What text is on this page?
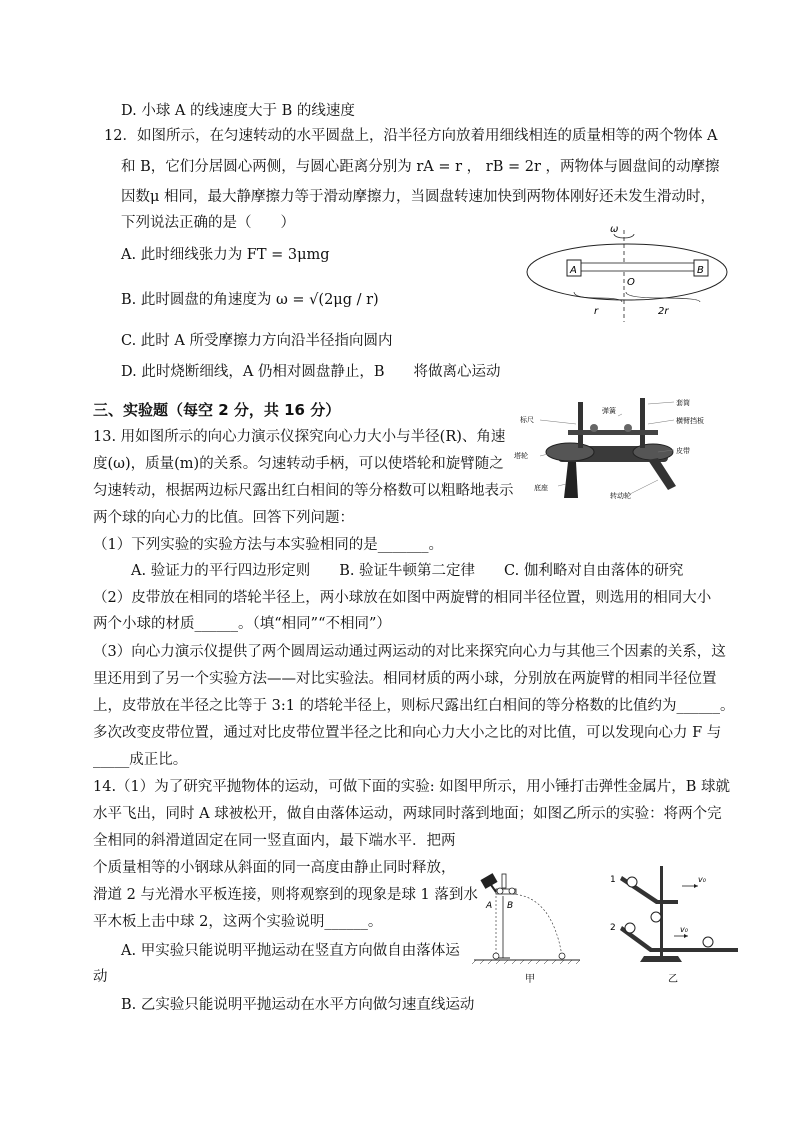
D. 小球 A 的线速度大于 B 的线速度
12．如图所示，在匀速转动的水平圆盘上，沿半径方向放着用细线相连的质量相等的两个物体 A
和 B，它们分居圆心两侧，与圆心距离分别为 rA = r ， rB = 2r ，两物体与圆盘间的动摩擦
因数μ 相同，最大静摩擦力等于滑动摩擦力，当圆盘转速加快到两物体刚好还未发生滑动时，
下列说法正确的是（　　）
A. 此时细线张力为 FT = 3μmg
B. 此时圆盘的角速度为 ω = √(2μg / r)
C. 此时 A 所受摩擦力方向沿半径指向圆内
D. 此时烧断细线，A 仍相对圆盘静止，B　　将做离心运动
ω
A
O
B
r	2r
三、实验题（每空 2 分，共 16 分）
13. 用如图所示的向心力演示仪探究向心力大小与半径(R)、角速
度(ω)，质量(m)的关系。匀速转动手柄，可以使塔轮和旋臂随之
匀速转动，根据两边标尺露出红白相间的等分格数可以粗略地表示
两个球的向心力的比值。回答下列问题：
（1）下列实验的实验方法与本实验相同的是_______。
A. 验证力的平行四边形定则　　B. 验证牛顿第二定律　　C. 伽利略对自由落体的研究
（2）皮带放在相同的塔轮半径上，两小球放在如图中两旋臂的相同半径位置，则选用的相同大小
两个小球的材质______。（填“相同”“不相同”）
（3）向心力演示仪提供了两个圆周运动通过两运动的对比来探究向心力与其他三个因素的关系，这
里还用到了另一个实验方法——对比实验法。相同材质的两小球，分别放在两旋臂的相同半径位置
上，皮带放在半径之比等于 3:1 的塔轮半径上，则标尺露出红白相间的等分格数的比值约为______。
多次改变皮带位置，通过对比皮带位置半径之比和向心力大小之比的对比值，可以发现向心力 F 与
_____成正比。
标尺
套筒
横臂挡板
弹簧
塔轮
皮带
底座
转动轮
14.（1）为了研究平抛物体的运动，可做下面的实验: 如图甲所示，用小锤打击弹性金属片，B 球就
水平飞出，同时 A 球被松开，做自由落体运动，两球同时落到地面；如图乙所示的实验：将两个完
全相同的斜滑道固定在同一竖直面内，最下端水平．把两
个质量相等的小钢球从斜面的同一高度由静止同时释放，
滑道 2 与光滑水平板连接，则将观察到的现象是球 1 落到水
平木板上击中球 2，这两个实验说明______。
A. 甲实验只能说明平抛运动在竖直方向做自由落体运
动
B. 乙实验只能说明平抛运动在水平方向做匀速直线运动
A B
甲
1
2
v₀
v₀
乙
